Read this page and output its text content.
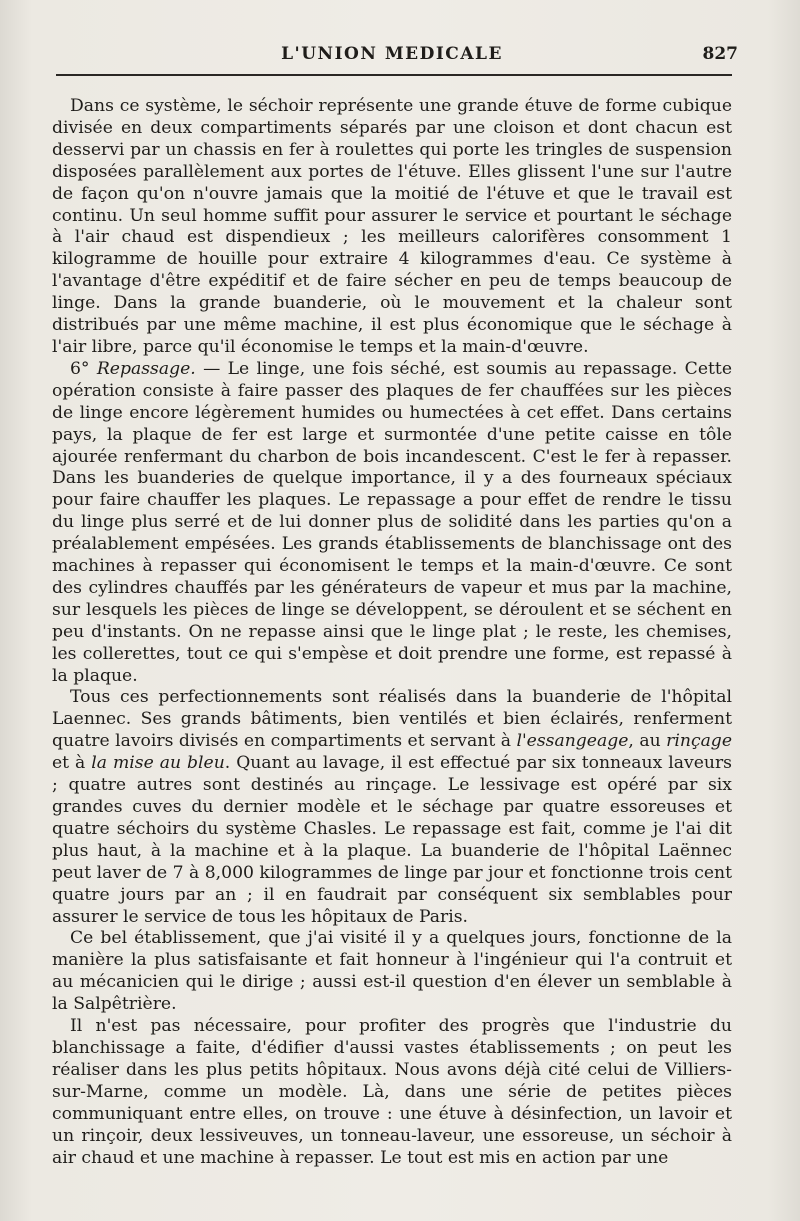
L'UNION MEDICALE	827

Dans ce système, le séchoir représente une grande étuve de forme cubique divisée en deux compartiments séparés par une cloison et dont chacun est desservi par un chassis en fer à roulettes qui porte les tringles de suspension disposées parallèlement aux portes de l'étuve. Elles glissent l'une sur l'autre de façon qu'on n'ouvre jamais que la moitié de l'étuve et que le travail est continu. Un seul homme suffit pour assurer le service et pourtant le séchage à l'air chaud est dispendieux ; les meilleurs calorifères consomment 1 kilogramme de houille pour extraire 4 kilogrammes d'eau. Ce système à l'avantage d'être expéditif et de faire sécher en peu de temps beaucoup de linge. Dans la grande buanderie, où le mouvement et la chaleur sont distribués par une même machine, il est plus économique que le séchage à l'air libre, parce qu'il économise le temps et la main-d'œuvre.

6° Repassage. — Le linge, une fois séché, est soumis au repassage. Cette opération consiste à faire passer des plaques de fer chauffées sur les pièces de linge encore légèrement humides ou humectées à cet effet. Dans certains pays, la plaque de fer est large et surmontée d'une petite caisse en tôle ajourée renfermant du charbon de bois incandescent. C'est le fer à repasser. Dans les buanderies de quelque importance, il y a des fourneaux spéciaux pour faire chauffer les plaques. Le repassage a pour effet de rendre le tissu du linge plus serré et de lui donner plus de solidité dans les parties qu'on a préalablement empésées. Les grands établissements de blanchissage ont des machines à repasser qui économisent le temps et la main-d'œuvre. Ce sont des cylindres chauffés par les générateurs de vapeur et mus par la machine, sur lesquels les pièces de linge se développent, se déroulent et se séchent en peu d'instants. On ne repasse ainsi que le linge plat ; le reste, les chemises, les collerettes, tout ce qui s'empèse et doit prendre une forme, est repassé à la plaque.

Tous ces perfectionnements sont réalisés dans la buanderie de l'hôpital Laennec. Ses grands bâtiments, bien ventilés et bien éclairés, renferment quatre lavoirs divisés en compartiments et servant à l'essangeage, au rinçage et à la mise au bleu. Quant au lavage, il est effectué par six tonneaux laveurs ; quatre autres sont destinés au rinçage. Le lessivage est opéré par six grandes cuves du dernier modèle et le séchage par quatre essoreuses et quatre séchoirs du système Chasles. Le repassage est fait, comme je l'ai dit plus haut, à la machine et à la plaque. La buanderie de l'hôpital Laënnec peut laver de 7 à 8,000 kilogrammes de linge par jour et fonctionne trois cent quatre jours par an ; il en faudrait par conséquent six semblables pour assurer le service de tous les hôpitaux de Paris.

Ce bel établissement, que j'ai visité il y a quelques jours, fonctionne de la manière la plus satisfaisante et fait honneur à l'ingénieur qui l'a contruit et au mécanicien qui le dirige ; aussi est-il question d'en élever un semblable à la Salpêtrière.

Il n'est pas nécessaire, pour profiter des progrès que l'industrie du blanchissage a faite, d'édifier d'aussi vastes établissements ; on peut les réaliser dans les plus petits hôpitaux. Nous avons déjà cité celui de Villiers-sur-Marne, comme un modèle. Là, dans une série de petites pièces communiquant entre elles, on trouve : une étuve à désinfection, un lavoir et un rinçoir, deux lessiveuves, un tonneau-laveur, une essoreuse, un séchoir à air chaud et une machine à repasser. Le tout est mis en action par une
